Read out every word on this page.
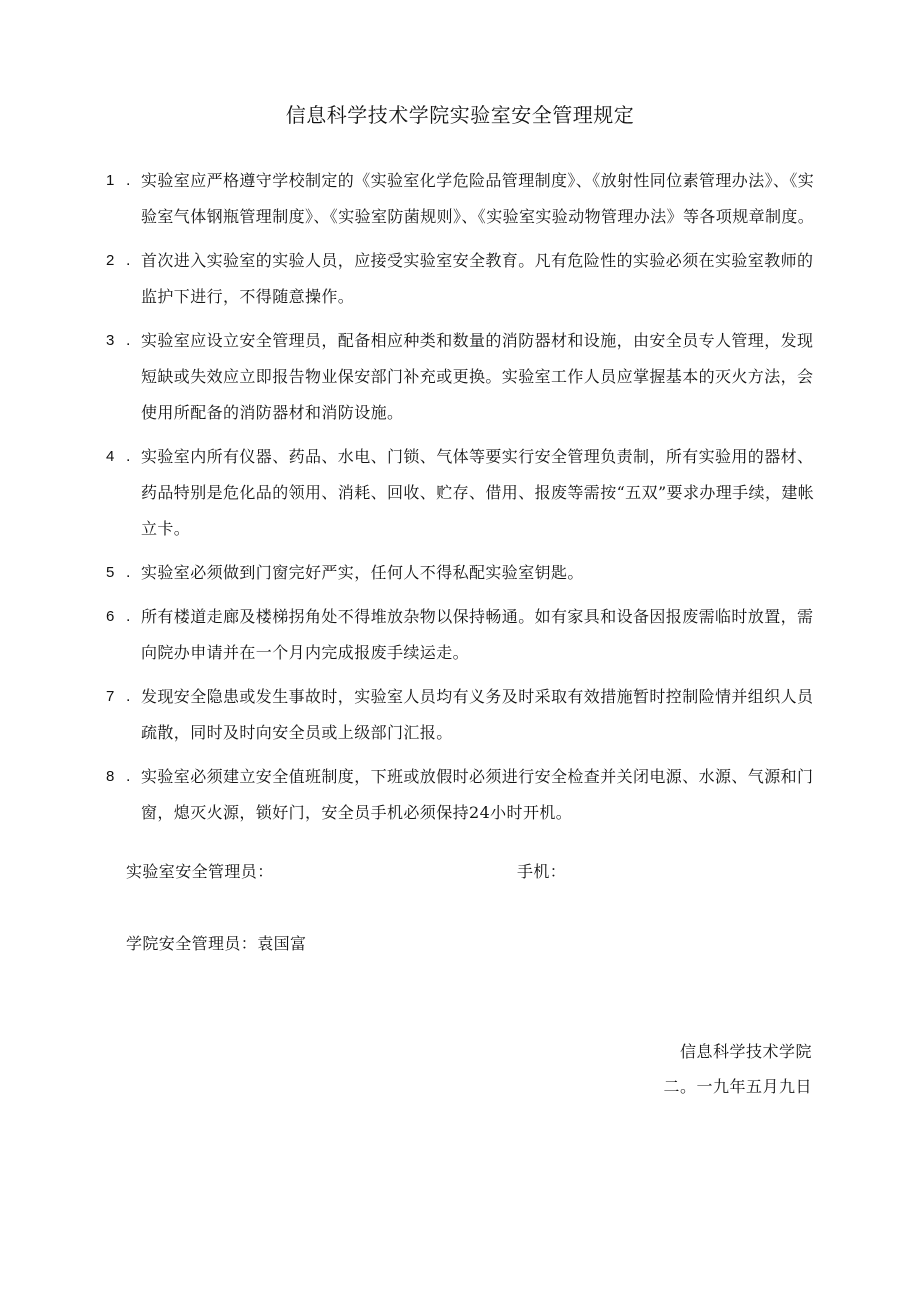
信息科学技术学院实验室安全管理规定
1 . 实验室应严格遵守学校制定的《实验室化学危险品管理制度》、《放射性同位素管理办法》、《实验室气体钢瓶管理制度》、《实验室防菌规则》、《实验室实验动物管理办法》等各项规章制度。
2 . 首次进入实验室的实验人员，应接受实验室安全教育。凡有危险性的实验必须在实验室教师的监护下进行，不得随意操作。
3 . 实验室应设立安全管理员，配备相应种类和数量的消防器材和设施，由安全员专人管理，发现短缺或失效应立即报告物业保安部门补充或更换。实验室工作人员应掌握基本的灭火方法，会使用所配备的消防器材和消防设施。
4 . 实验室内所有仪器、药品、水电、门锁、气体等要实行安全管理负责制，所有实验用的器材、药品特别是危化品的领用、消耗、回收、贮存、借用、报废等需按“五双”要求办理手续，建帐立卡。
5 . 实验室必须做到门窗完好严实，任何人不得私配实验室钥匙。
6 . 所有楼道走廊及楼梯拐角处不得堆放杂物以保持畅通。如有家具和设备因报废需临时放置，需向院办申请并在一个月内完成报废手续运走。
7 . 发现安全隐患或发生事故时，实验室人员均有义务及时采取有效措施暂时控制险情并组织人员疏散，同时及时向安全员或上级部门汇报。
8 . 实验室必须建立安全值班制度，下班或放假时必须进行安全检查并关闭电源、水源、气源和门窗，熄灭火源，锁好门，安全员手机必须保持24小时开机。
实验室安全管理员：	手机：
学院安全管理员：袁国富
信息科学技术学院
二。一九年五月九日
